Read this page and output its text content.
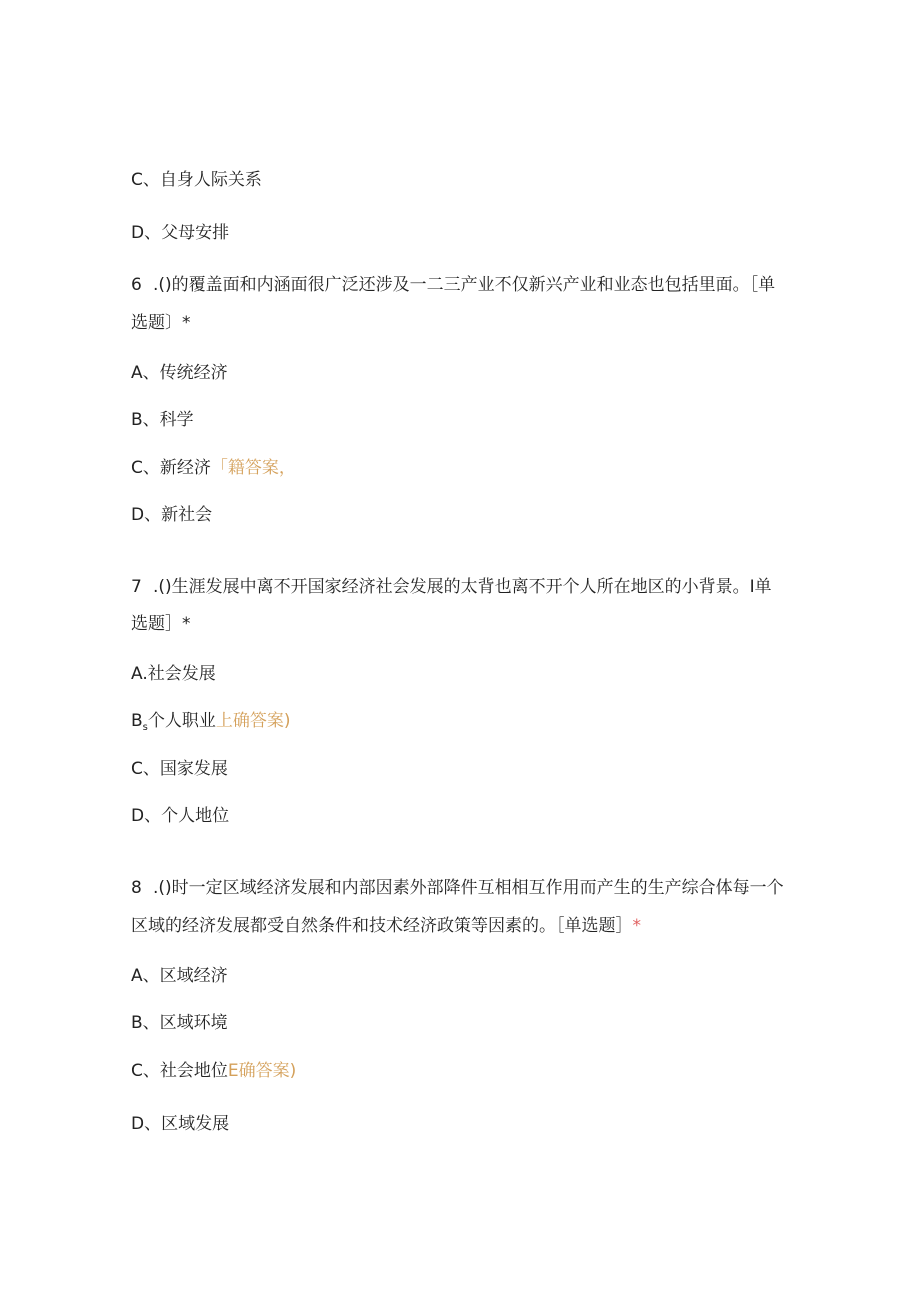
C、自身人际关系
D、父母安排
6 .()的覆盖面和内涵面很广泛还涉及一二三产业不仅新兴产业和业态也包括里面。［单
选题〕*
A、传统经济
B、科学
C、新经济「籍答案，
D、新社会
7 .()生涯发展中离不开国家经济社会发展的太背也离不开个人所在地区的小背景。I单
选题］*
A.社会发展
$B_s$个人职业上确答案)
C、国家发展
D、个人地位
8 .()时一定区域经济发展和内部因素外部降件互相相互作用而产生的生产综合体每一个
区域的经济发展都受自然条件和技术经济政策等因素的。［单选题］*
A、区域经济
B、区域环境
C、社会地位E确答案)
D、区域发展
